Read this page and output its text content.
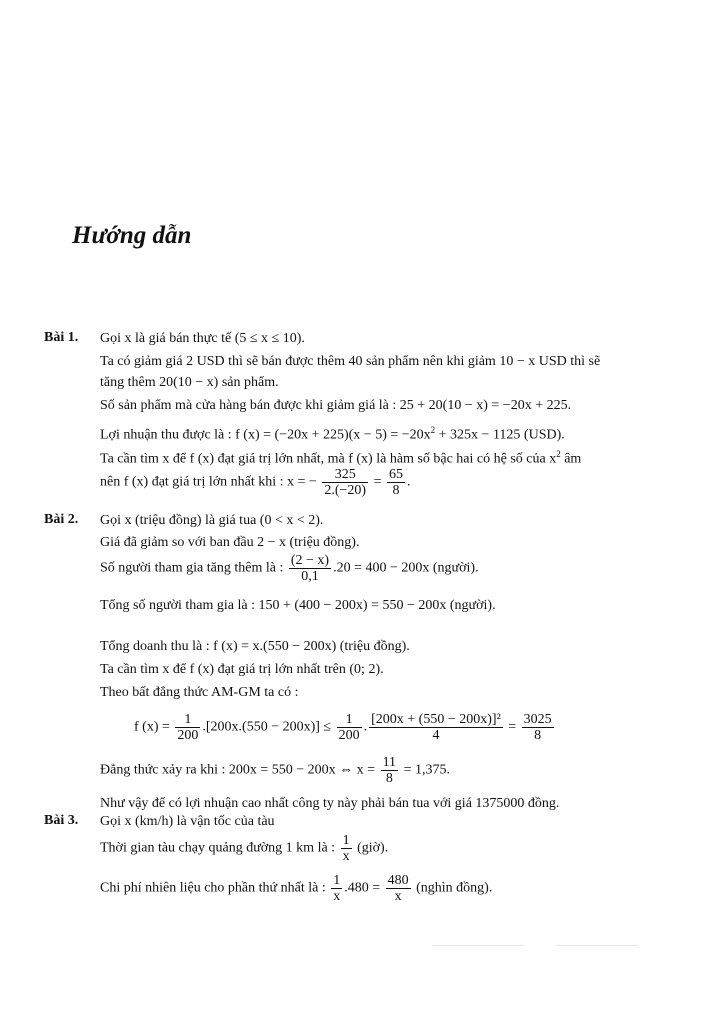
Hướng dẫn
Bài 1. Gọi x là giá bán thực tế (5 ≤ x ≤ 10).
Ta có giảm giá 2 USD thì sẽ bán được thêm 40 sản phẩm nên khi giảm 10 − x USD thì sẽ
tăng thêm 20(10 − x) sản phẩm.
Số sản phẩm mà cửa hàng bán được khi giảm giá là : 25 + 20(10 − x) = −20x + 225.
Lợi nhuận thu được là : f $(x) = (-20x + 225)(x - 5) = -20x^2 + 325x - 1125$ (USD).
Ta cần tìm x để f (x) đạt giá trị lớn nhất, mà f (x) là hàm số bậc hai có hệ số của $x^2$ âm
nên f (x) đạt giá trị lớn nhất khi : x = − $\frac{325}{2.(-20)} = \frac{65}{8}$ .
Bài 2. Gọi x (triệu đồng) là giá tua (0 < x < 2).
Giá đã giảm so với ban đầu 2 − x (triệu đồng).
Số người tham gia tăng thêm là : $\frac{(2 - x)}{0,1} .20 = 400 - 200x$ (người).
Tổng số người tham gia là : 150 + (400 − 200x) = 550 − 200x (người).
Tổng doanh thu là : f (x) = x.(550 − 200x) (triệu đồng).
Ta cần tìm x để f (x) đạt giá trị lớn nhất trên (0; 2).
Theo bất đẳng thức AM-GM ta có :
f $(x) = \frac{1}{200} .[200x.(550 - 200x)] \le \frac{1}{200}$ . $\frac{\text{[200x + (550 − 200x)]²}}{4} = \frac{3025}{8}$
Đẳng thức xảy ra khi : 200x = 550 − 200x ⇔ $x = \frac{11}{8} = 1,375$.
Như vậy để có lợi nhuận cao nhất công ty này phải bán tua với giá 1375000 đồng.
Bài 3. Gọi x (km/h) là vận tốc của tàu
Thời gian tàu chạy quảng đường 1 km là : $\frac{1}{x}$ (giờ).
Chi phí nhiên liệu cho phần thứ nhất là : $\frac{1}{x} .480 = \frac{480}{x}$ (nghìn đồng).
